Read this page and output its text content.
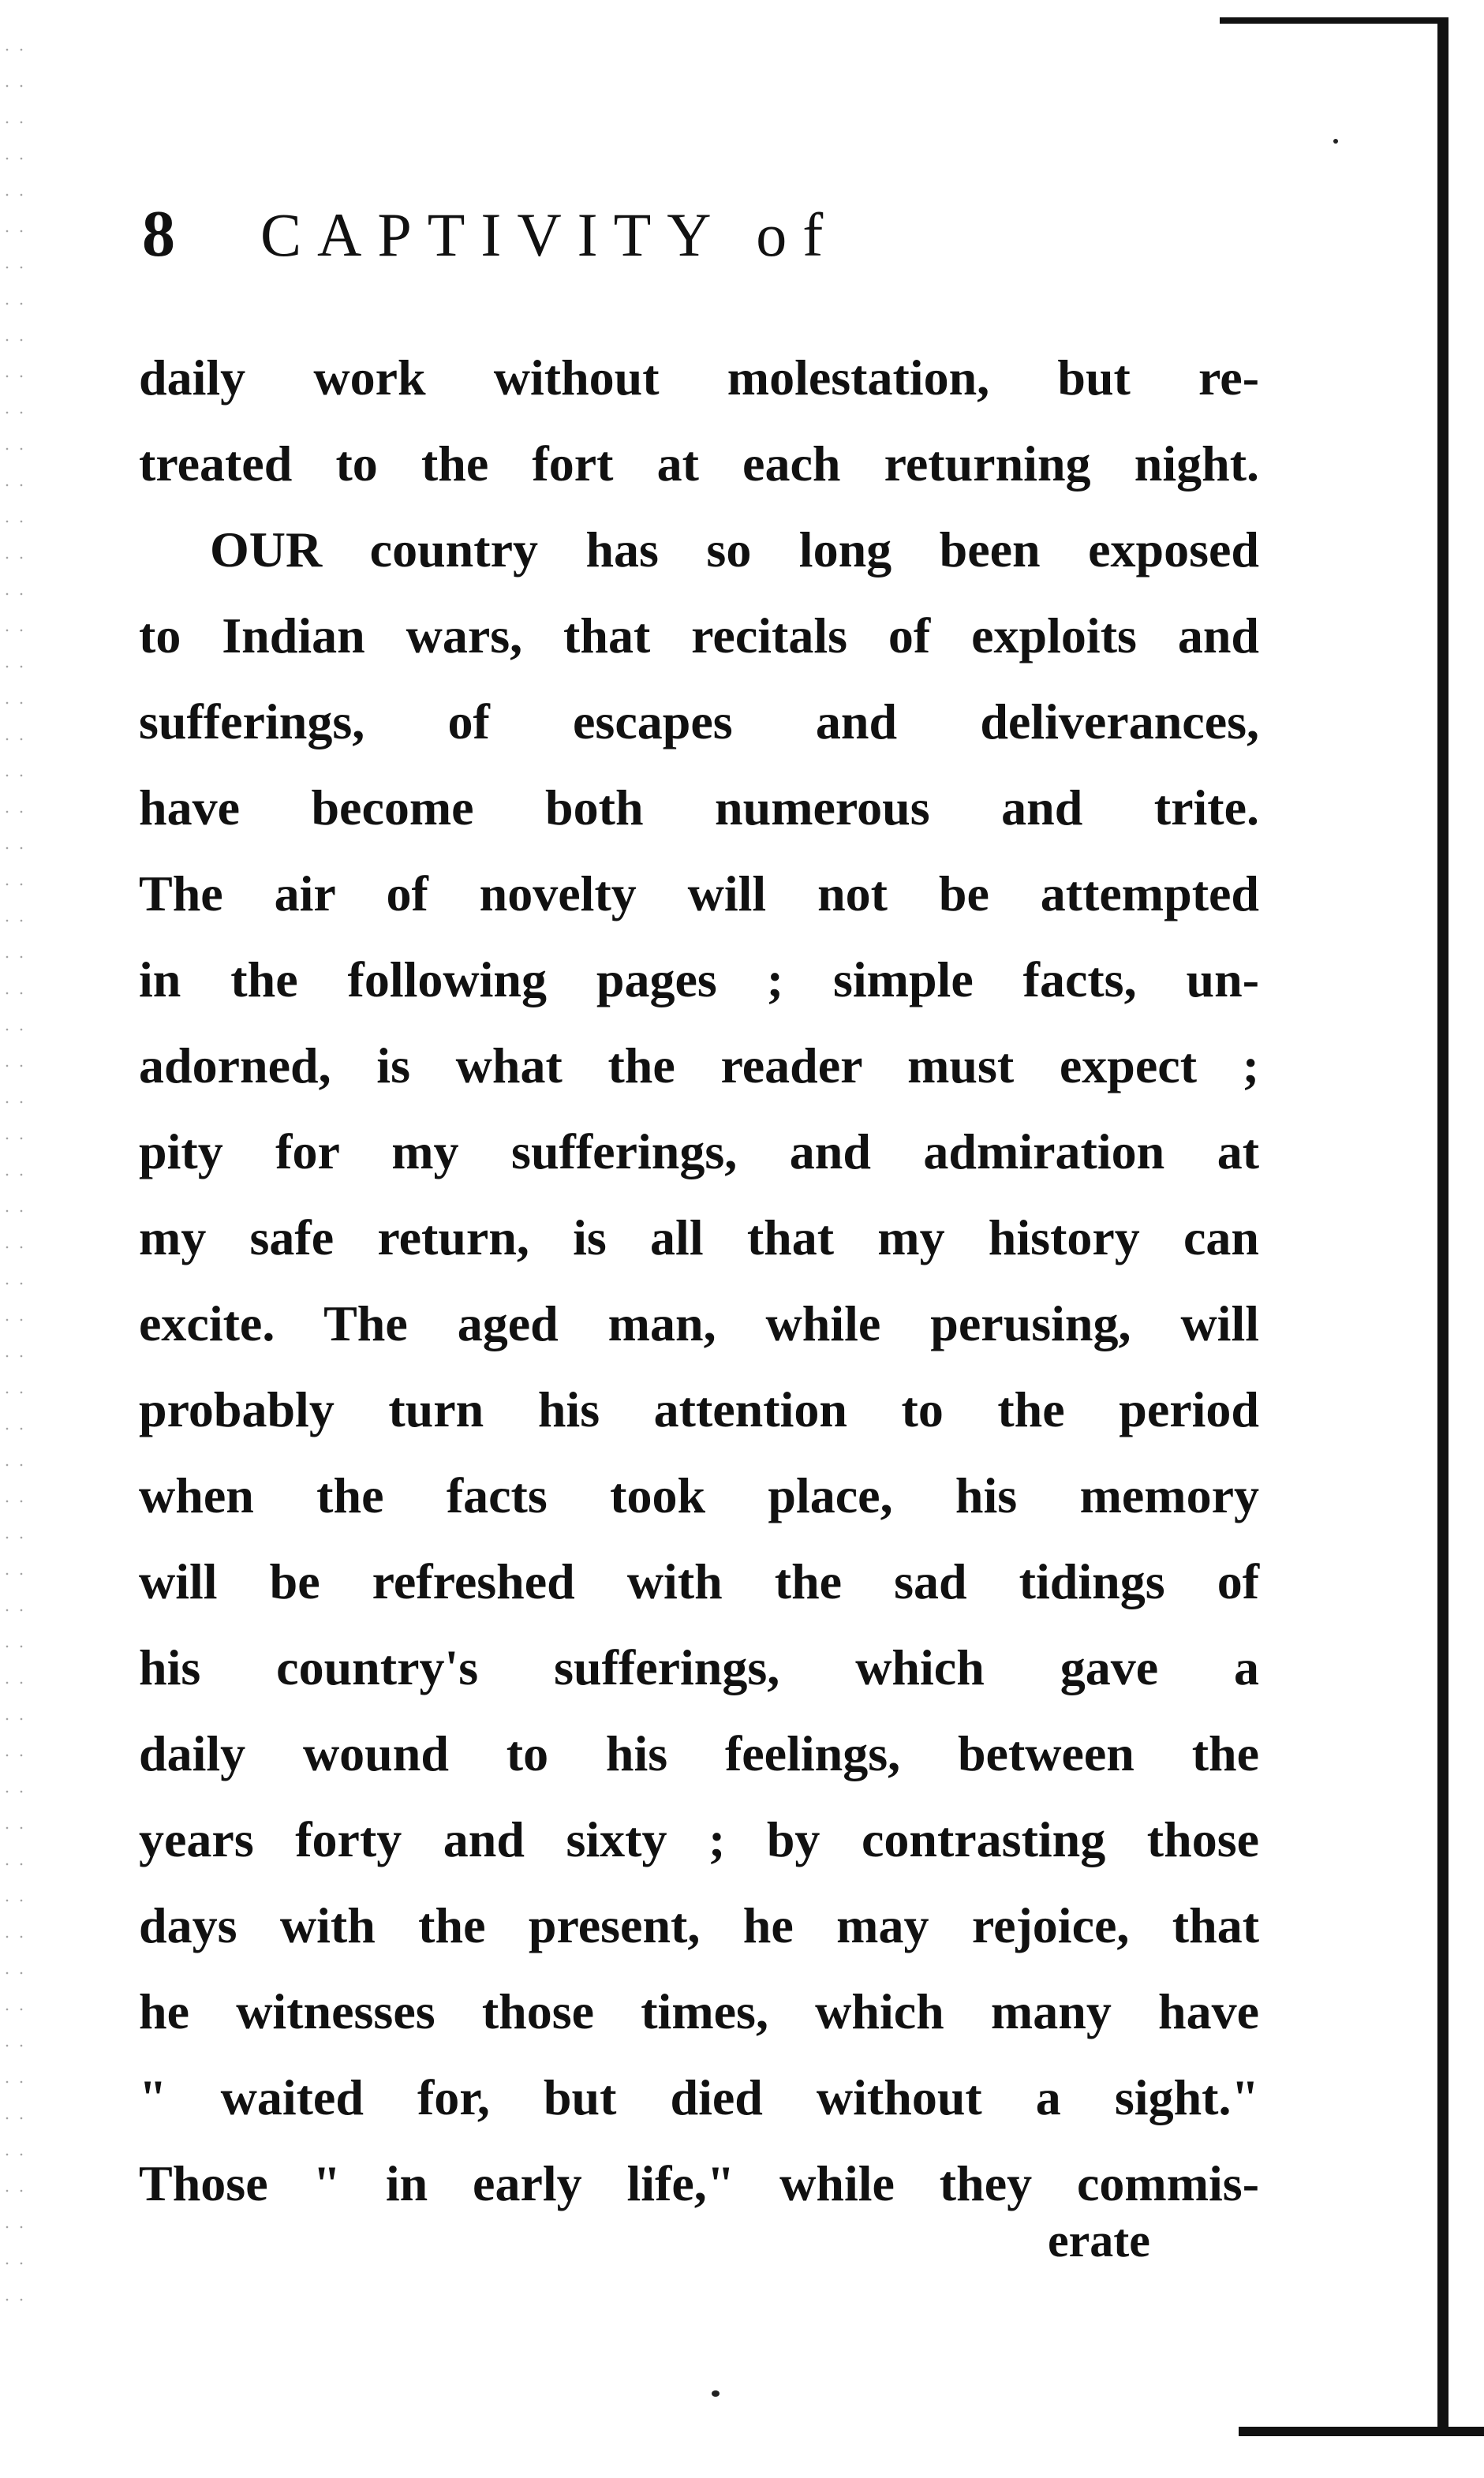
8	CAPTIVITY of
daily work without molestation, but re-
treated to the fort at each returning night.
OUR country has so long been exposed
to Indian wars, that recitals of exploits and
sufferings, of escapes and deliverances,
have become both numerous and trite.
The air of novelty will not be attempted
in the following pages ; simple facts, un-
adorned, is what the reader must expect ;
pity for my sufferings, and admiration at
my safe return, is all that my history can
excite. The aged man, while perusing, will
probably turn his attention to the period
when the facts took place, his memory
will be refreshed with the sad tidings of
his country's sufferings, which gave a
daily wound to his feelings, between the
years forty and sixty ; by contrasting those
days with the present, he may rejoice, that
he witnesses those times, which many have
" waited for, but died without a sight."
Those " in early life," while they commis-
erate
